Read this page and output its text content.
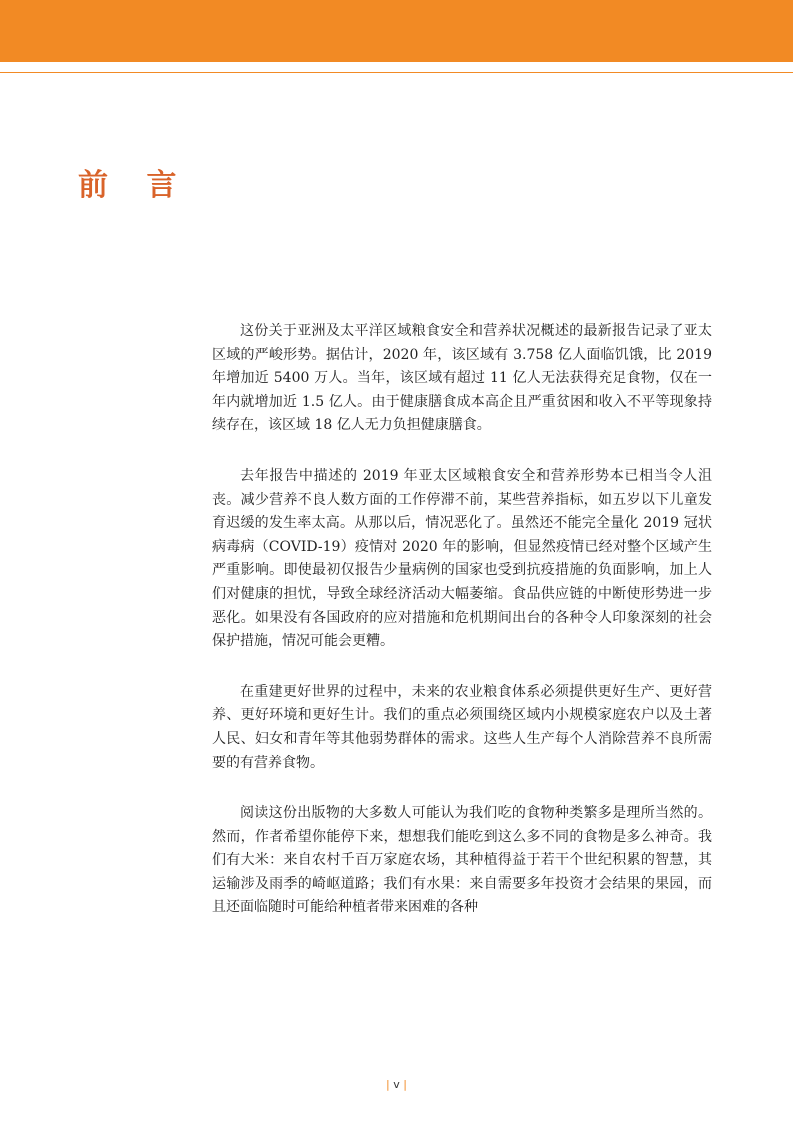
前 言

这份关于亚洲及太平洋区域粮食安全和营养状况概述的最新报告记录了亚太区域的严峻形势。据估计，2020 年，该区域有 3.758 亿人面临饥饿，比 2019 年增加近 5400 万人。当年，该区域有超过 11 亿人无法获得充足食物，仅在一年内就增加近 1.5 亿人。由于健康膳食成本高企且严重贫困和收入不平等现象持续存在，该区域 18 亿人无力负担健康膳食。

去年报告中描述的 2019 年亚太区域粮食安全和营养形势本已相当令人沮丧。减少营养不良人数方面的工作停滞不前，某些营养指标，如五岁以下儿童发育迟缓的发生率太高。从那以后，情况恶化了。虽然还不能完全量化 2019 冠状病毒病（COVID-19）疫情对 2020 年的影响，但显然疫情已经对整个区域产生严重影响。即使最初仅报告少量病例的国家也受到抗疫措施的负面影响，加上人们对健康的担忧，导致全球经济活动大幅萎缩。食品供应链的中断使形势进一步恶化。如果没有各国政府的应对措施和危机期间出台的各种令人印象深刻的社会保护措施，情况可能会更糟。

在重建更好世界的过程中，未来的农业粮食体系必须提供更好生产、更好营养、更好环境和更好生计。我们的重点必须围绕区域内小规模家庭农户以及土著人民、妇女和青年等其他弱势群体的需求。这些人生产每个人消除营养不良所需要的有营养食物。

阅读这份出版物的大多数人可能认为我们吃的食物种类繁多是理所当然的。然而，作者希望你能停下来，想想我们能吃到这么多不同的食物是多么神奇。我们有大米：来自农村千百万家庭农场，其种植得益于若干个世纪积累的智慧，其运输涉及雨季的崎岖道路；我们有水果：来自需要多年投资才会结果的果园，而且还面临随时可能给种植者带来困难的各种

| v |
